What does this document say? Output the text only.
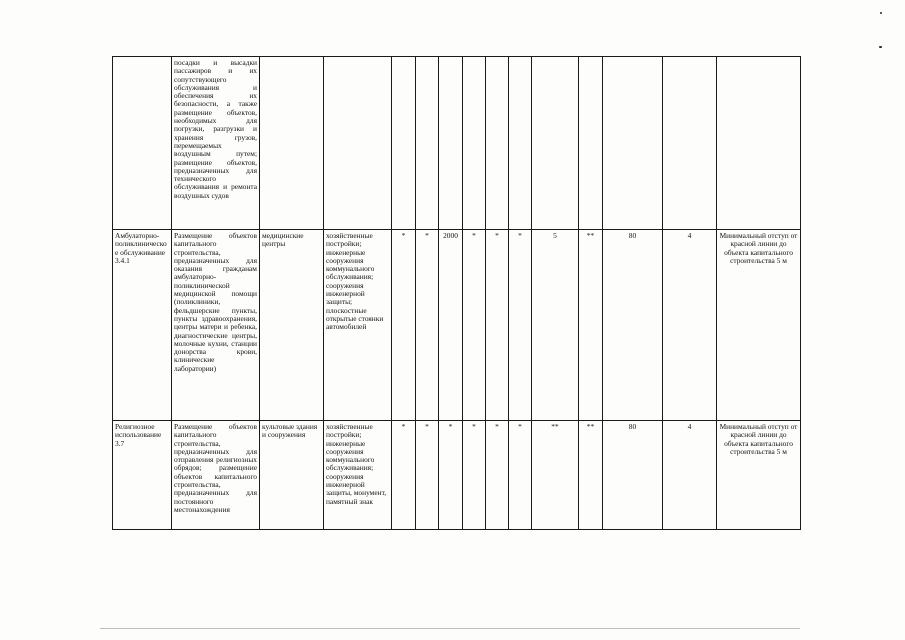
	посадки и высадки пассажиров и их сопутствующего обслуживания и обеспечения их безопасности, а также размещение объектов, необходимых для погрузки, разгрузки и хранения грузов, перемещаемых воздушным путем; размещение объектов, предназначенных для технического обслуживания и ремонта воздушных судов													
Амбулаторно-поликлиническое обслуживание 3.4.1	Размещение объектов капитального строительства, предназначенных для оказания гражданам амбулаторно-поликлинической медицинской помощи (поликлиники, фельдшерские пункты, пункты здравоохранения, центры матери и ребенка, диагностические центры, молочные кухни, станции донорства крови, клинические лаборатории)	медицинские центры	хозяйственные постройки; инженерные сооружения коммунального обслуживания; сооружения инженерной защиты; плоскостные открытые стоянки автомобилей	*	*	2000	*	*	*	5	**	80	4	Минимальный отступ от красной линии до объекта капитального строительства 5 м
Религиозное использование 3.7	Размещение объектов капитального строительства, предназначенных для отправления религиозных обрядов; размещение объектов капитального строительства, предназначенных для постоянного местонахождения	культовые здания и сооружения	хозяйственные постройки; инженерные сооружения коммунального обслуживания; сооружения инженерной защиты, монумент, памятный знак	*	*	*	*	*	*	**	**	80	4	Минимальный отступ от красной линии до объекта капитального строительства 5 м
